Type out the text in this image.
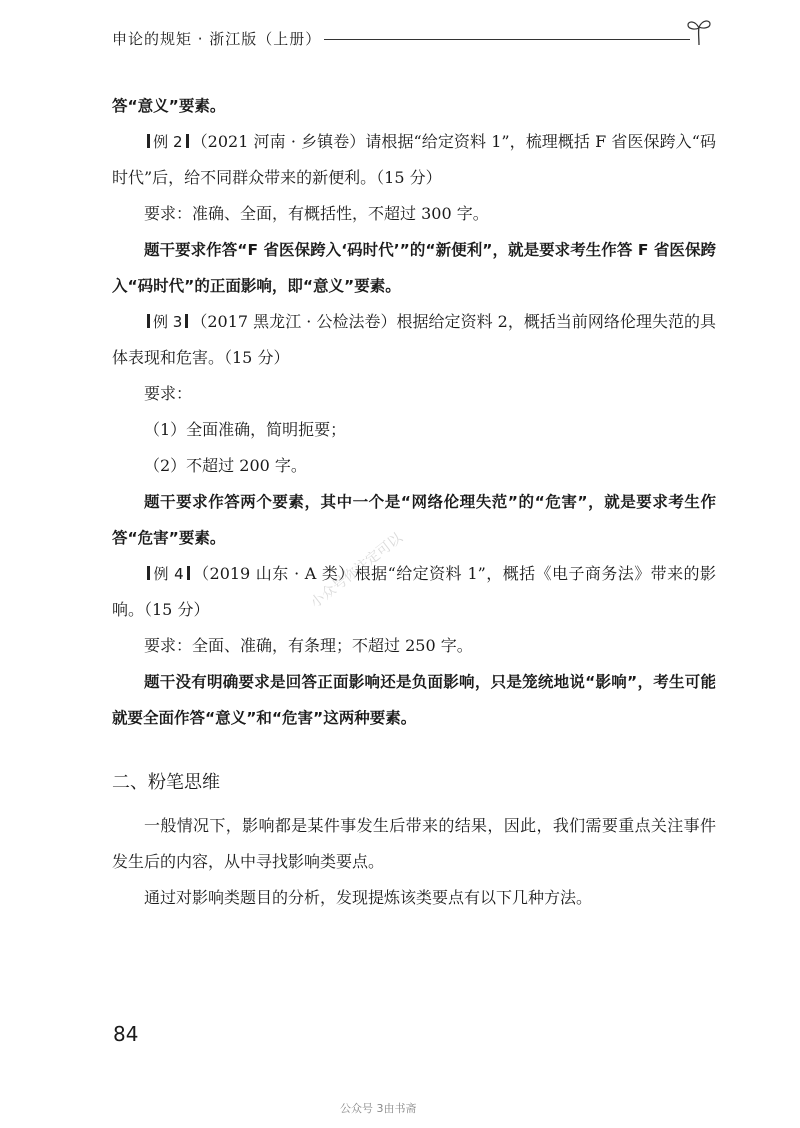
申论的规矩 · 浙江版（上册）

答“意义”要素。

例 2 （2021 河南 · 乡镇卷）请根据“给定资料 1”，梳理概括 F 省医保跨入“码时代”后，给不同群众带来的新便利。（15 分）

要求：准确、全面，有概括性，不超过 300 字。

题干要求作答“F 省医保跨入‘码时代’”的“新便利”，就是要求考生作答 F 省医保跨入“码时代”的正面影响，即“意义”要素。

例 3 （2017 黑龙江 · 公检法卷）根据给定资料 2，概括当前网络伦理失范的具体表现和危害。（15 分）

要求：

（1）全面准确，简明扼要；

（2）不超过 200 字。

题干要求作答两个要素，其中一个是“网络伦理失范”的“危害”，就是要求考生作答“危害”要素。

例 4 （2019 山东 · A 类）根据“给定资料 1”，概括《电子商务法》带来的影响。（15 分）

要求：全面、准确，有条理；不超过 250 字。

题干没有明确要求是回答正面影响还是负面影响，只是笼统地说“影响”，考生可能就要全面作答“意义”和“危害”这两种要素。

二、粉笔思维

一般情况下，影响都是某件事发生后带来的结果，因此，我们需要重点关注事件发生后的内容，从中寻找影响类要点。

通过对影响类题目的分析，发现提炼该类要点有以下几种方法。

小众号你注定可以
84
公众号 3由书斋
